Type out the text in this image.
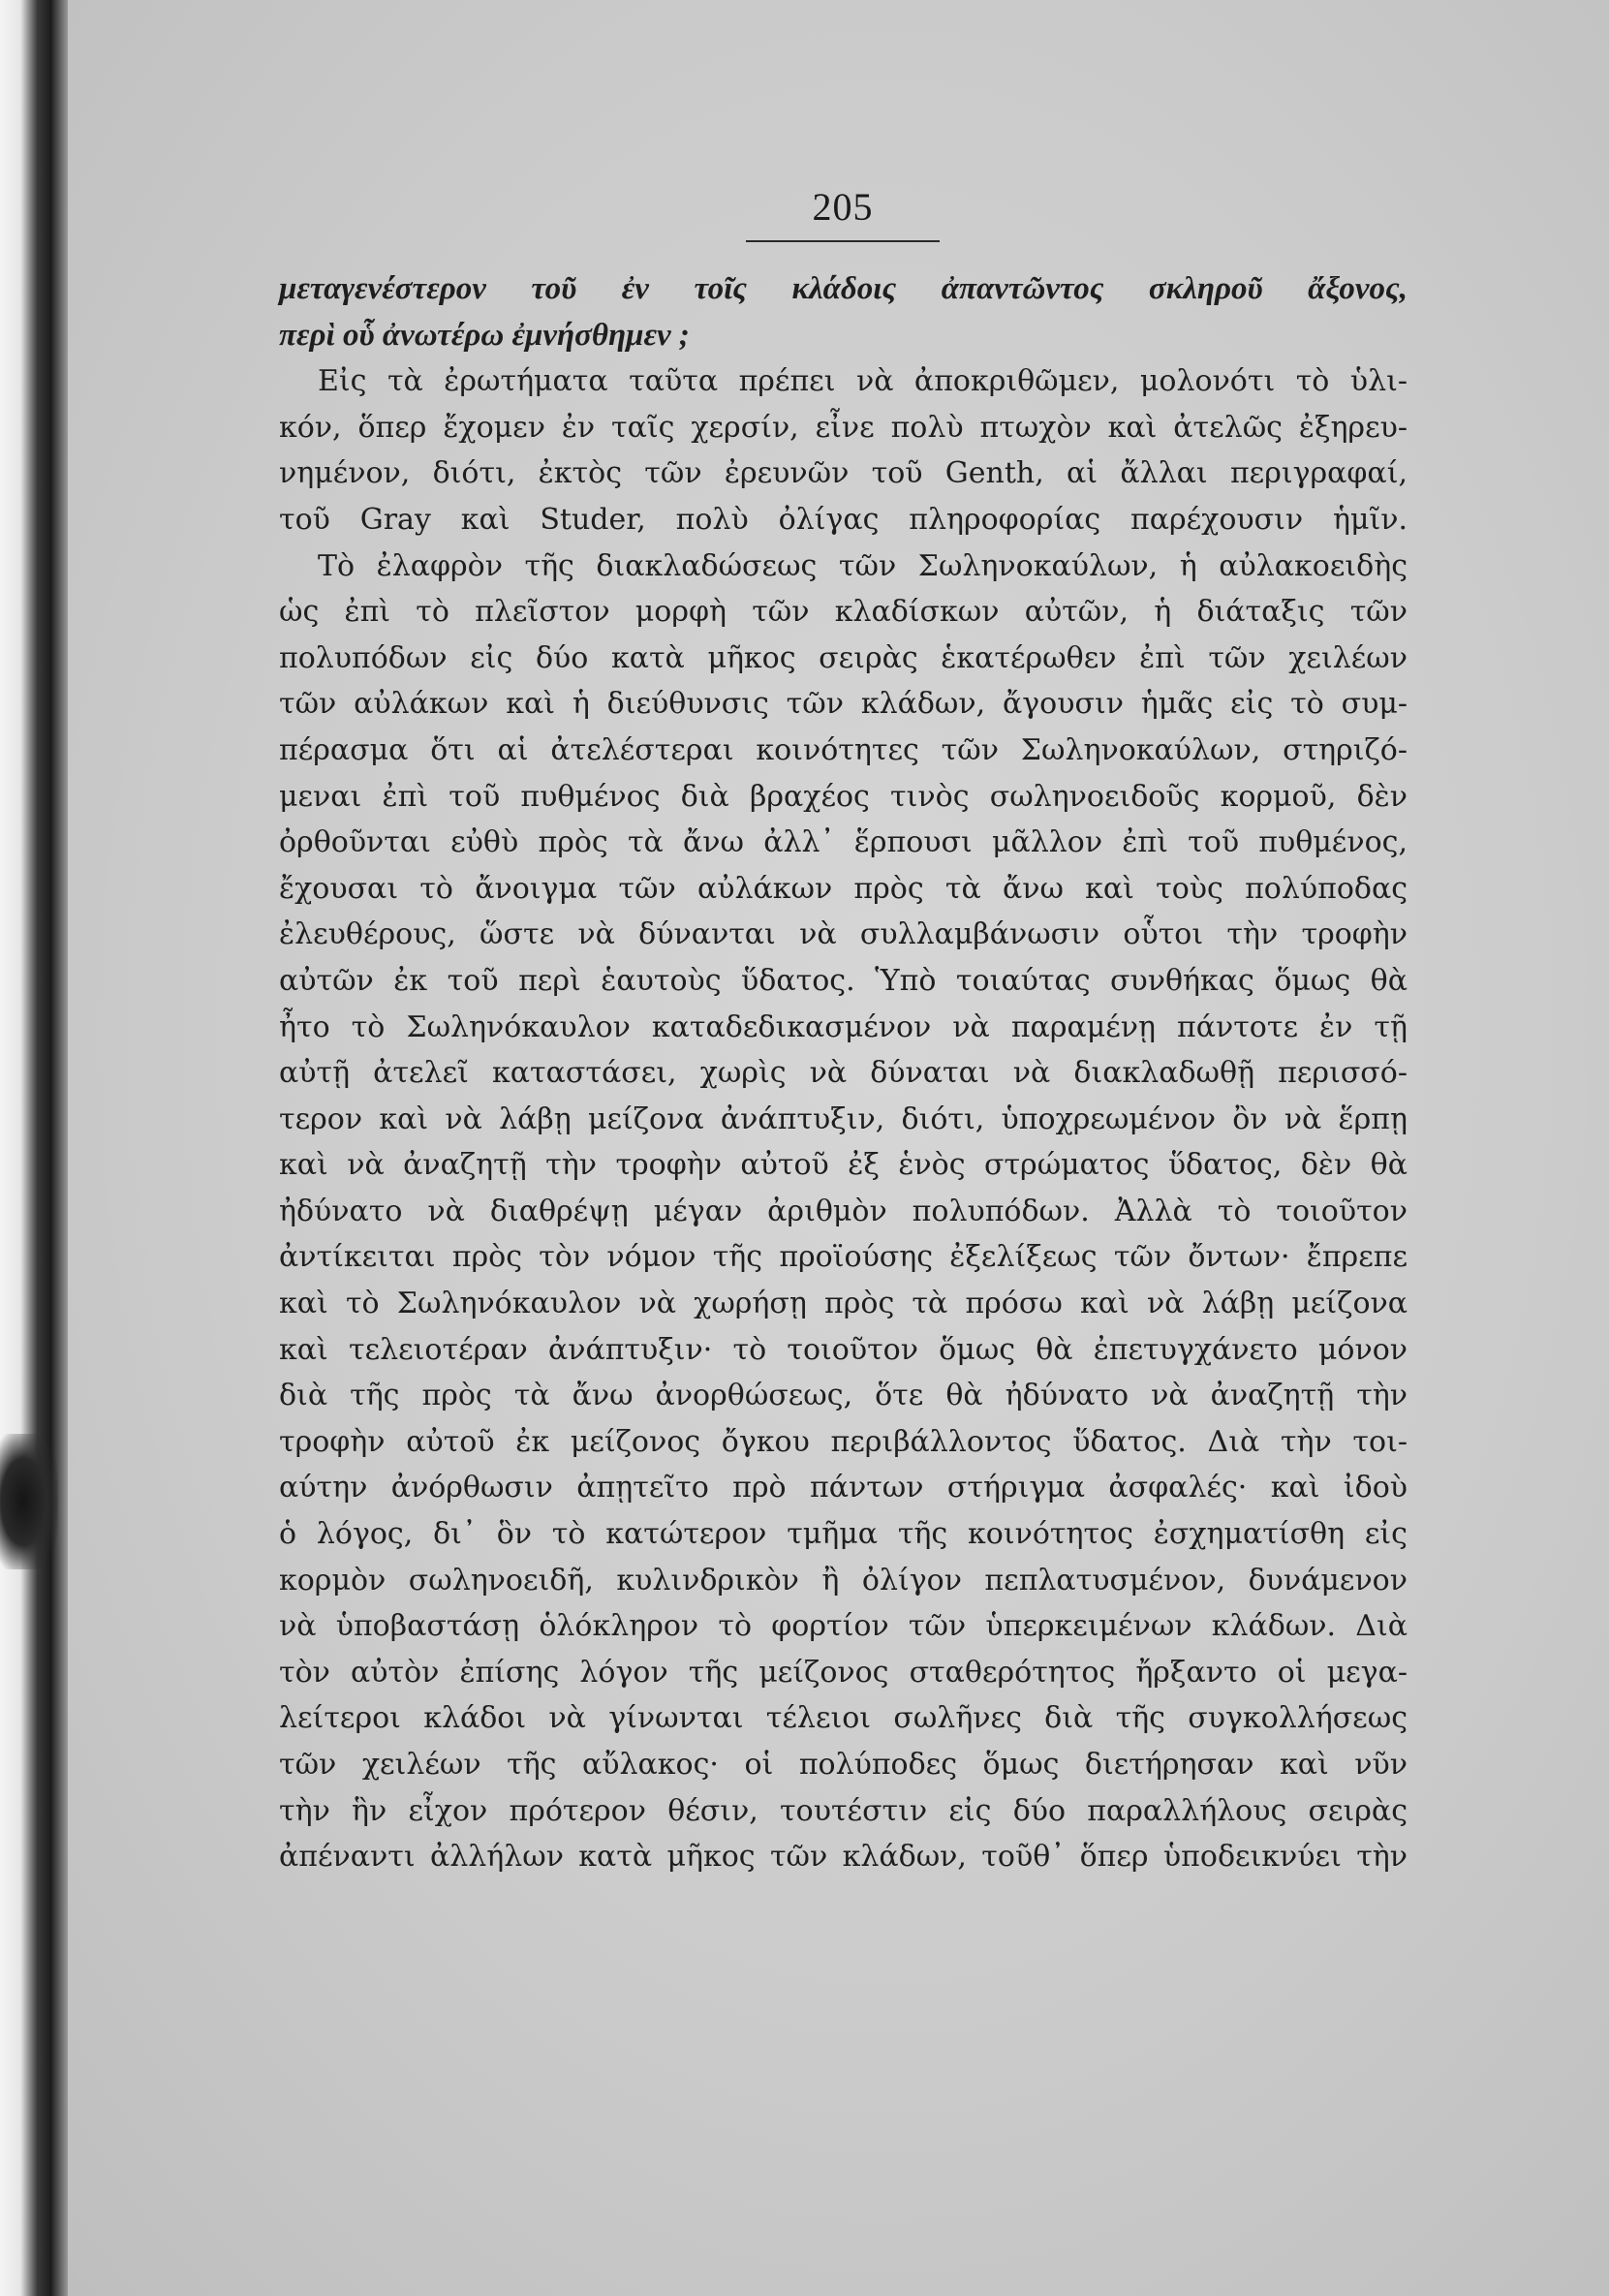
205
μεταγενέστερον τοῦ ἐν τοῖς κλάδοις ἀπαντῶντος σκληροῦ ἄξονος,
περὶ οὗ ἀνωτέρω ἐμνήσθημεν ;
Εἰς τὰ ἐρωτήματα ταῦτα πρέπει νὰ ἀποκριθῶμεν, μολονότι τὸ ὑλι-
κόν, ὅπερ ἔχομεν ἐν ταῖς χερσίν, εἶνε πολὺ πτωχὸν καὶ ἀτελῶς ἐξηρευ-
νημένον, διότι, ἐκτὸς τῶν ἐρευνῶν τοῦ Genth, αἱ ἄλλαι περιγραφαί,
τοῦ Gray καὶ Studer, πολὺ ὀλίγας πληροφορίας παρέχουσιν ἡμῖν.
Τὸ ἐλαφρὸν τῆς διακλαδώσεως τῶν Σωληνοκαύλων, ἡ αὐλακοειδὴς
ὡς ἐπὶ τὸ πλεῖστον μορφὴ τῶν κλαδίσκων αὐτῶν, ἡ διάταξις τῶν
πολυπόδων εἰς δύο κατὰ μῆκος σειρὰς ἑκατέρωθεν ἐπὶ τῶν χειλέων
τῶν αὐλάκων καὶ ἡ διεύθυνσις τῶν κλάδων, ἄγουσιν ἡμᾶς εἰς τὸ συμ-
πέρασμα ὅτι αἱ ἀτελέστεραι κοινότητες τῶν Σωληνοκαύλων, στηριζό-
μεναι ἐπὶ τοῦ πυθμένος διὰ βραχέος τινὸς σωληνοειδοῦς κορμοῦ, δὲν
ὀρθοῦνται εὐθὺ πρὸς τὰ ἄνω ἀλλ᾽ ἕρπουσι μᾶλλον ἐπὶ τοῦ πυθμένος,
ἔχουσαι τὸ ἄνοιγμα τῶν αὐλάκων πρὸς τὰ ἄνω καὶ τοὺς πολύποδας
ἐλευθέρους, ὥστε νὰ δύνανται νὰ συλλαμβάνωσιν οὗτοι τὴν τροφὴν
αὐτῶν ἐκ τοῦ περὶ ἑαυτοὺς ὕδατος. Ὑπὸ τοιαύτας συνθήκας ὅμως θὰ
ἦτο τὸ Σωληνόκαυλον καταδεδικασμένον νὰ παραμένῃ πάντοτε ἐν τῇ
αὐτῇ ἀτελεῖ καταστάσει, χωρὶς νὰ δύναται νὰ διακλαδωθῇ περισσό-
τερον καὶ νὰ λάβῃ μείζονα ἀνάπτυξιν, διότι, ὑποχρεωμένον ὂν νὰ ἕρπῃ
καὶ νὰ ἀναζητῇ τὴν τροφὴν αὐτοῦ ἐξ ἑνὸς στρώματος ὕδατος, δὲν θὰ
ἠδύνατο νὰ διαθρέψῃ μέγαν ἀριθμὸν πολυπόδων. Ἀλλὰ τὸ τοιοῦτον
ἀντίκειται πρὸς τὸν νόμον τῆς προϊούσης ἐξελίξεως τῶν ὄντων· ἔπρεπε
καὶ τὸ Σωληνόκαυλον νὰ χωρήσῃ πρὸς τὰ πρόσω καὶ νὰ λάβῃ μείζονα
καὶ τελειοτέραν ἀνάπτυξιν· τὸ τοιοῦτον ὅμως θὰ ἐπετυγχάνετο μόνον
διὰ τῆς πρὸς τὰ ἄνω ἀνορθώσεως, ὅτε θὰ ἠδύνατο νὰ ἀναζητῇ τὴν
τροφὴν αὐτοῦ ἐκ μείζονος ὄγκου περιβάλλοντος ὕδατος. Διὰ τὴν τοι-
αύτην ἀνόρθωσιν ἀπῃτεῖτο πρὸ πάντων στήριγμα ἀσφαλές· καὶ ἰδοὺ
ὁ λόγος, δι᾽ ὃν τὸ κατώτερον τμῆμα τῆς κοινότητος ἐσχηματίσθη εἰς
κορμὸν σωληνοειδῆ, κυλινδρικὸν ἢ ὀλίγον πεπλατυσμένον, δυνάμενον
νὰ ὑποβαστάσῃ ὁλόκληρον τὸ φορτίον τῶν ὑπερκειμένων κλάδων. Διὰ
τὸν αὐτὸν ἐπίσης λόγον τῆς μείζονος σταθερότητος ἤρξαντο οἱ μεγα-
λείτεροι κλάδοι νὰ γίνωνται τέλειοι σωλῆνες διὰ τῆς συγκολλήσεως
τῶν χειλέων τῆς αὔλακος· οἱ πολύποδες ὅμως διετήρησαν καὶ νῦν
τὴν ἣν εἶχον πρότερον θέσιν, τουτέστιν εἰς δύο παραλλήλους σειρὰς
ἀπέναντι ἀλλήλων κατὰ μῆκος τῶν κλάδων, τοῦθ᾽ ὅπερ ὑποδεικνύει τὴν
